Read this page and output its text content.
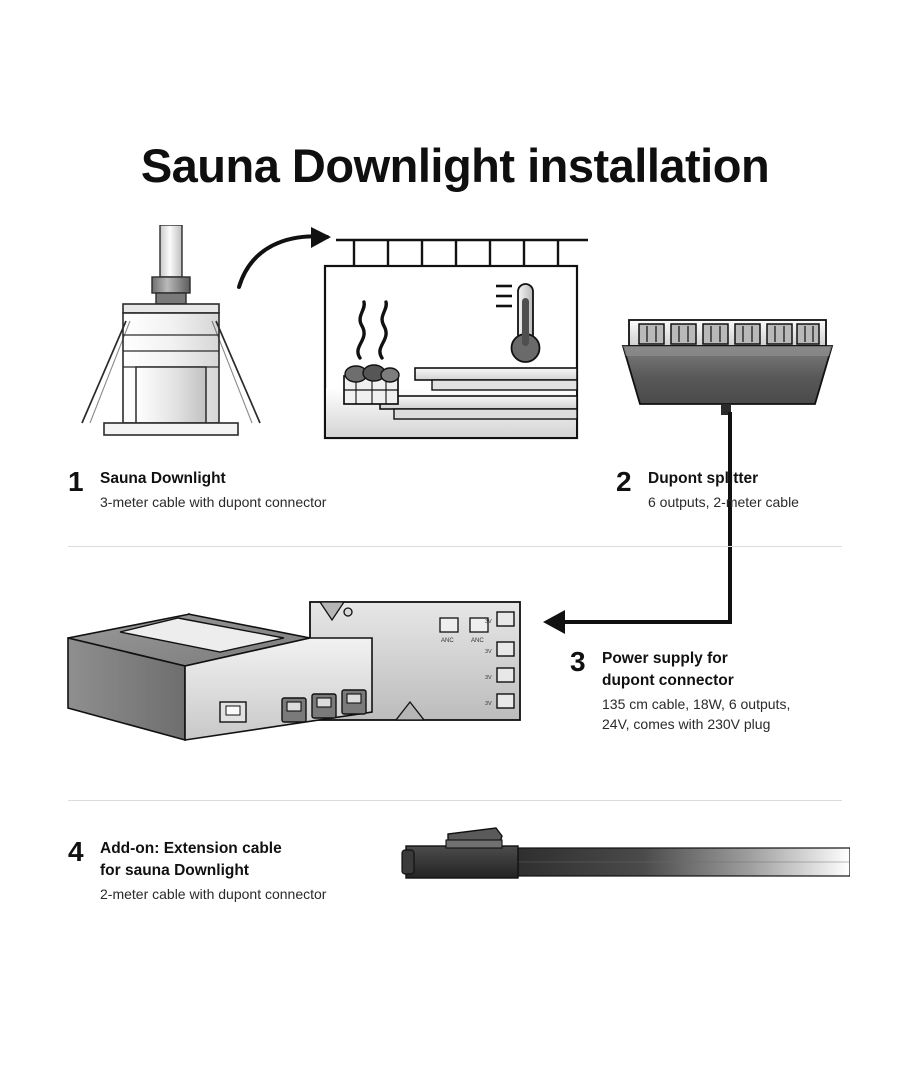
Sauna Downlight installation
1 Sauna Downlight
3-meter cable with dupont connector
2 Dupont splitter
6 outputs, 2-meter cable
ANC	ANC
3V
3V
3V
3V
3 Power supply for
dupont connector
135 cm cable, 18W, 6 outputs,
24V, comes with 230V plug
4 Add-on: Extension cable
for sauna Downlight
2-meter cable with dupont connector
